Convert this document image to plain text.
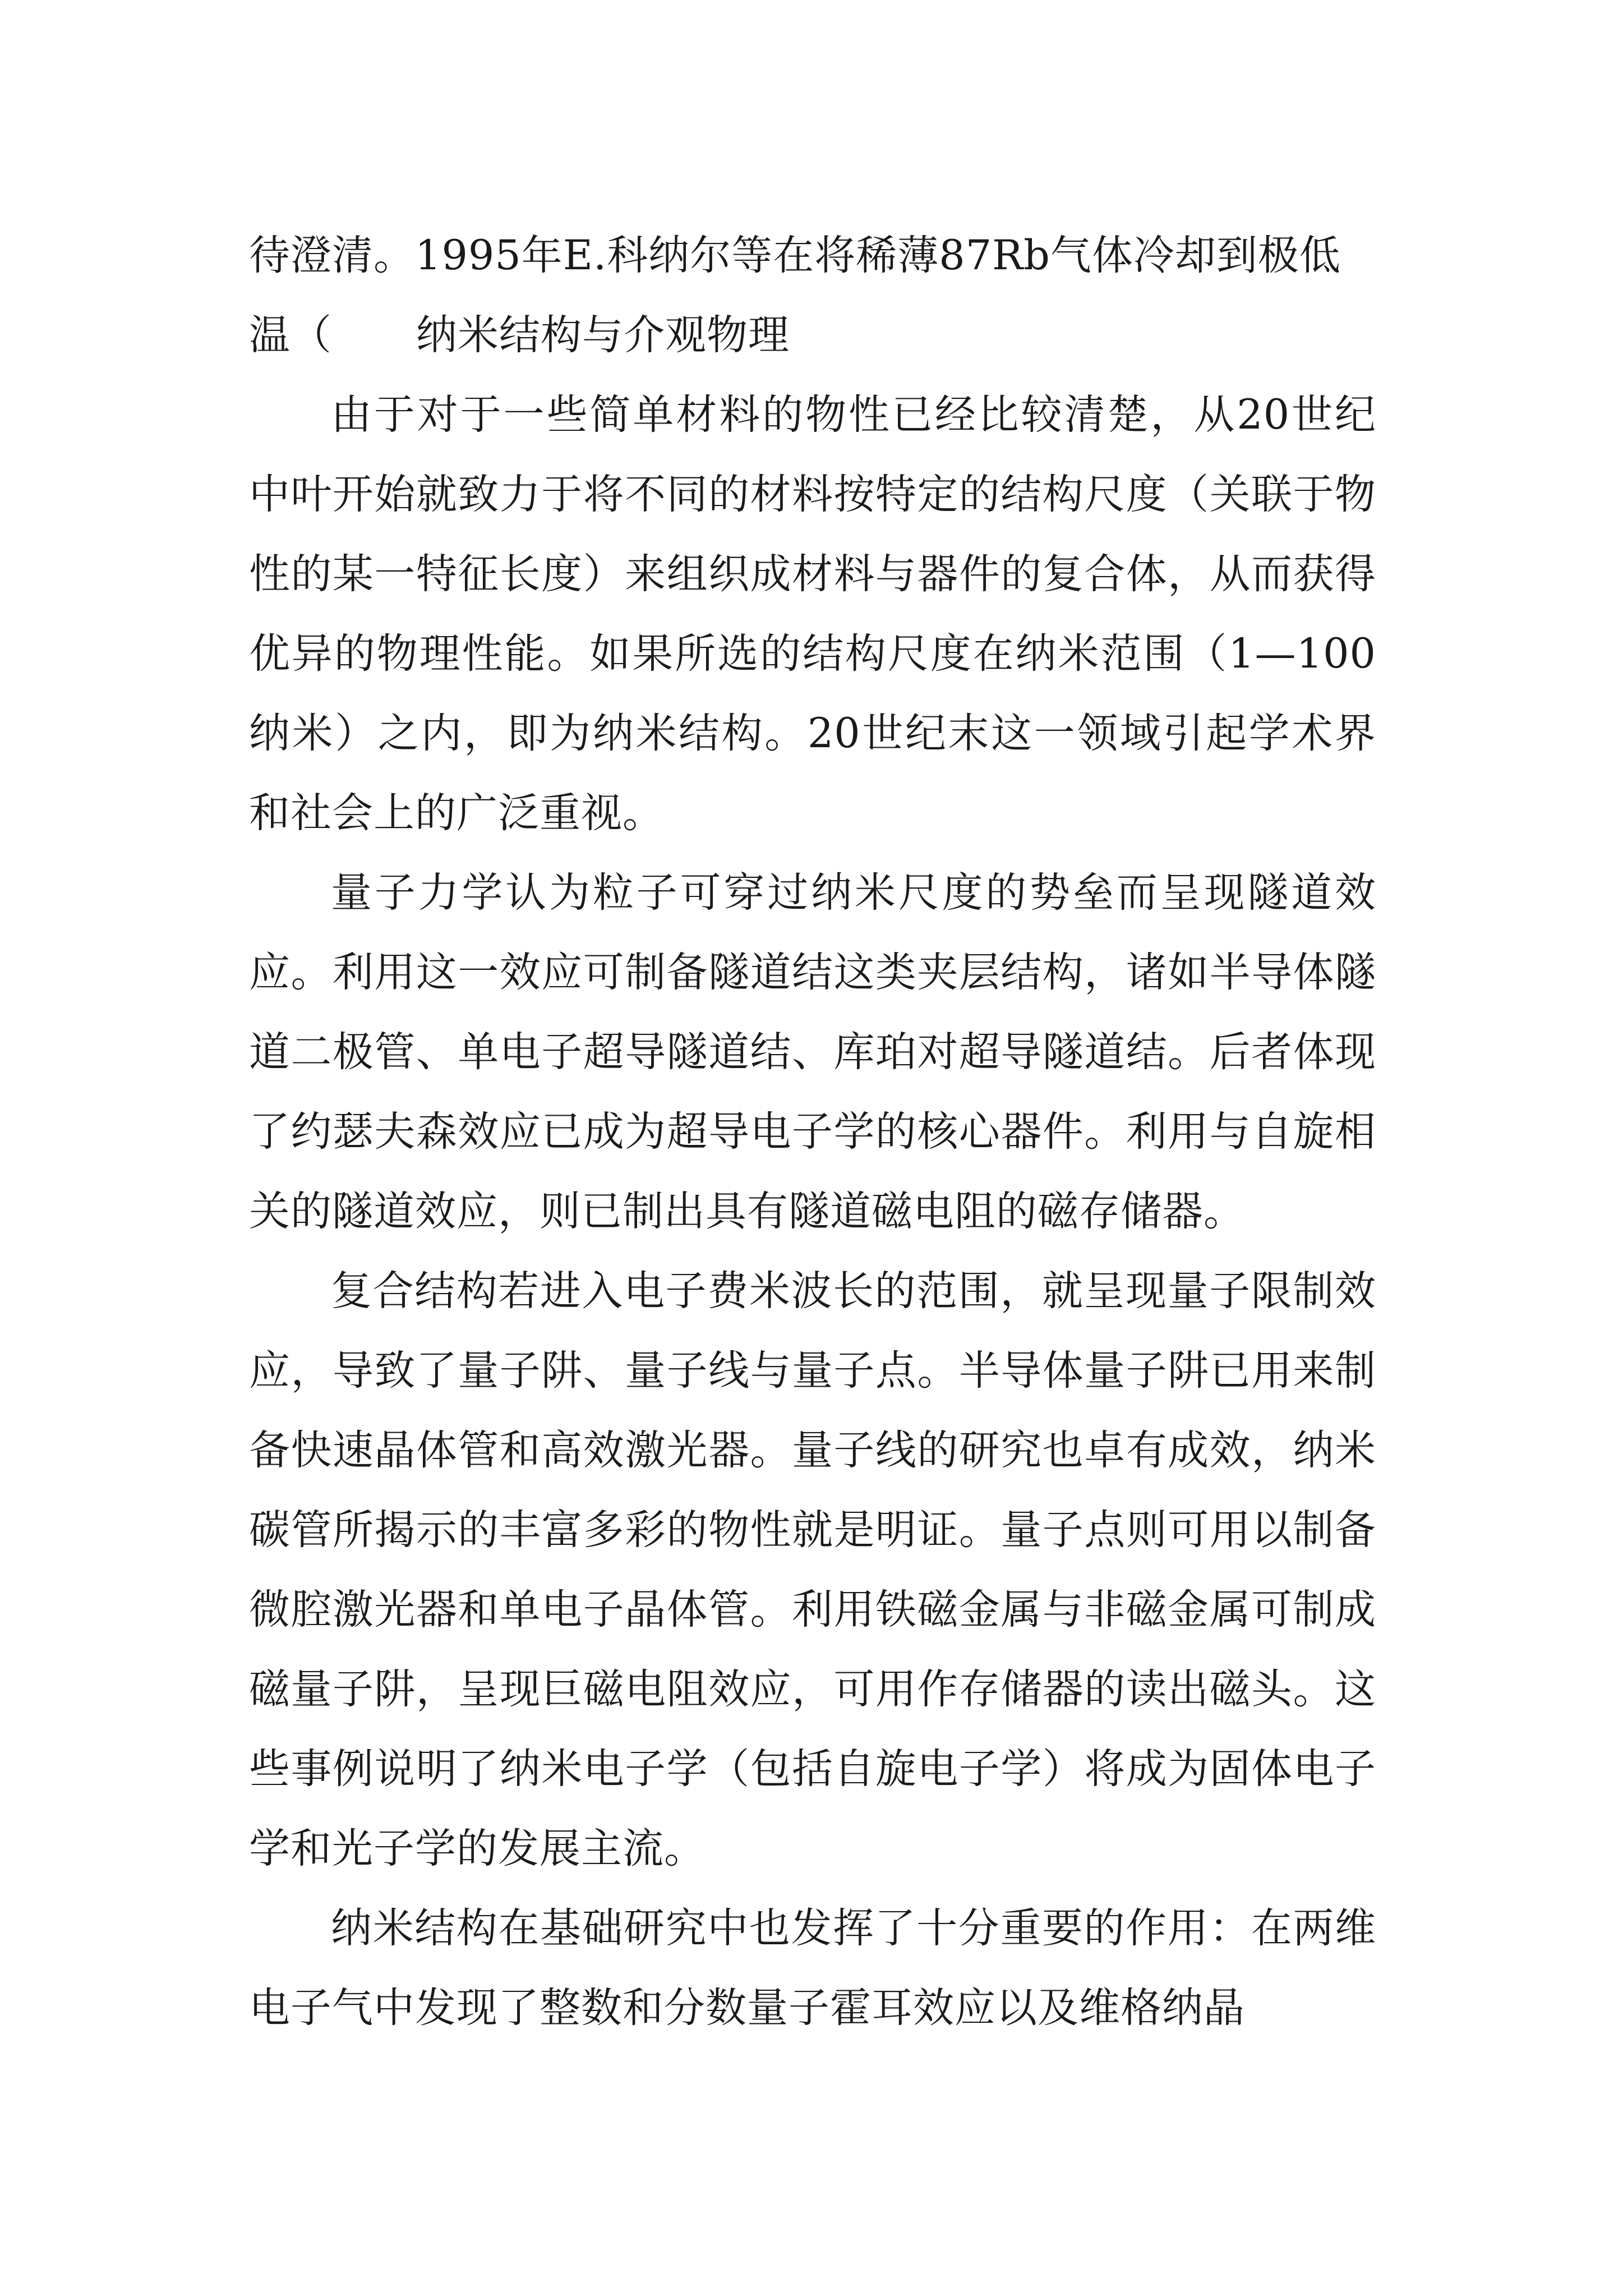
待澄清。1995年E.科纳尔等在将稀薄87Rb气体冷却到极低
温（ 纳米结构与介观物理

由于对于一些简单材料的物性已经比较清楚，从20世纪中叶开始就致力于将不同的材料按特定的结构尺度（关联于物性的某一特征长度）来组织成材料与器件的复合体，从而获得优异的物理性能。如果所选的结构尺度在纳米范围（1—100纳米）之内，即为纳米结构。20世纪末这一领域引起学术界和社会上的广泛重视。

量子力学认为粒子可穿过纳米尺度的势垒而呈现隧道效应。利用这一效应可制备隧道结这类夹层结构，诸如半导体隧道二极管、单电子超导隧道结、库珀对超导隧道结。后者体现了约瑟夫森效应已成为超导电子学的核心器件。利用与自旋相关的隧道效应，则已制出具有隧道磁电阻的磁存储器。

复合结构若进入电子费米波长的范围，就呈现量子限制效应，导致了量子阱、量子线与量子点。半导体量子阱已用来制备快速晶体管和高效激光器。量子线的研究也卓有成效，纳米碳管所揭示的丰富多彩的物性就是明证。量子点则可用以制备微腔激光器和单电子晶体管。利用铁磁金属与非磁金属可制成磁量子阱，呈现巨磁电阻效应，可用作存储器的读出磁头。这些事例说明了纳米电子学（包括自旋电子学）将成为固体电子学和光子学的发展主流。

纳米结构在基础研究中也发挥了十分重要的作用：在两维电子气中发现了整数和分数量子霍耳效应以及维格纳晶
